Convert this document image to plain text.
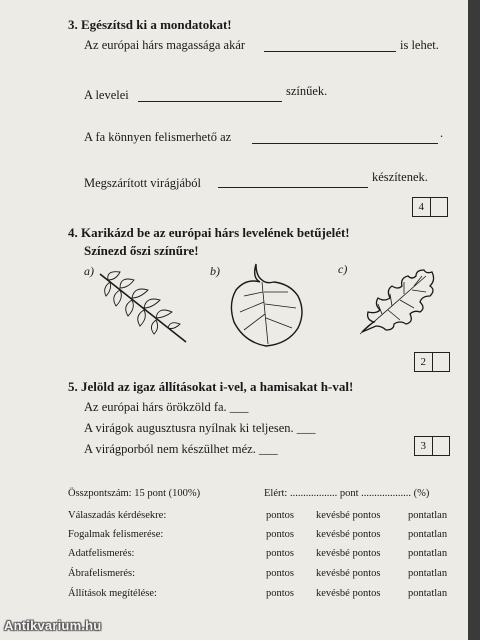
3. Egészítsd ki a mondatokat!
Az európai hárs magassága akár	is lehet.
A levelei	színűek.
A fa könnyen felismerhető az	.
Megszárított virágjából	készítenek.
4
4. Karikázd be az európai hárs levelének betűjelét!
Színezd őszi színűre!
a)	b)	c)
2
5. Jelöld az igaz állításokat i-vel, a hamisakat h-val!
Az európai hárs örökzöld fa. ___
A virágok augusztusra nyílnak ki teljesen. ___
A virágporból nem készülhet méz. ___	3
Összpontszám: 15 pont (100%)	Elért: .................. pont ................... (%)
Válaszadás kérdésekre:	pontos kevésbé pontos	pontatlan
Fogalmak felismerése:	pontos kevésbé pontos	pontatlan
Adatfelismerés:	pontos kevésbé pontos	pontatlan
Ábrafelismerés:	pontos kevésbé pontos	pontatlan
Állítások megítélése:	pontos kevésbé pontos	pontatlan
Antikvarium.hu
